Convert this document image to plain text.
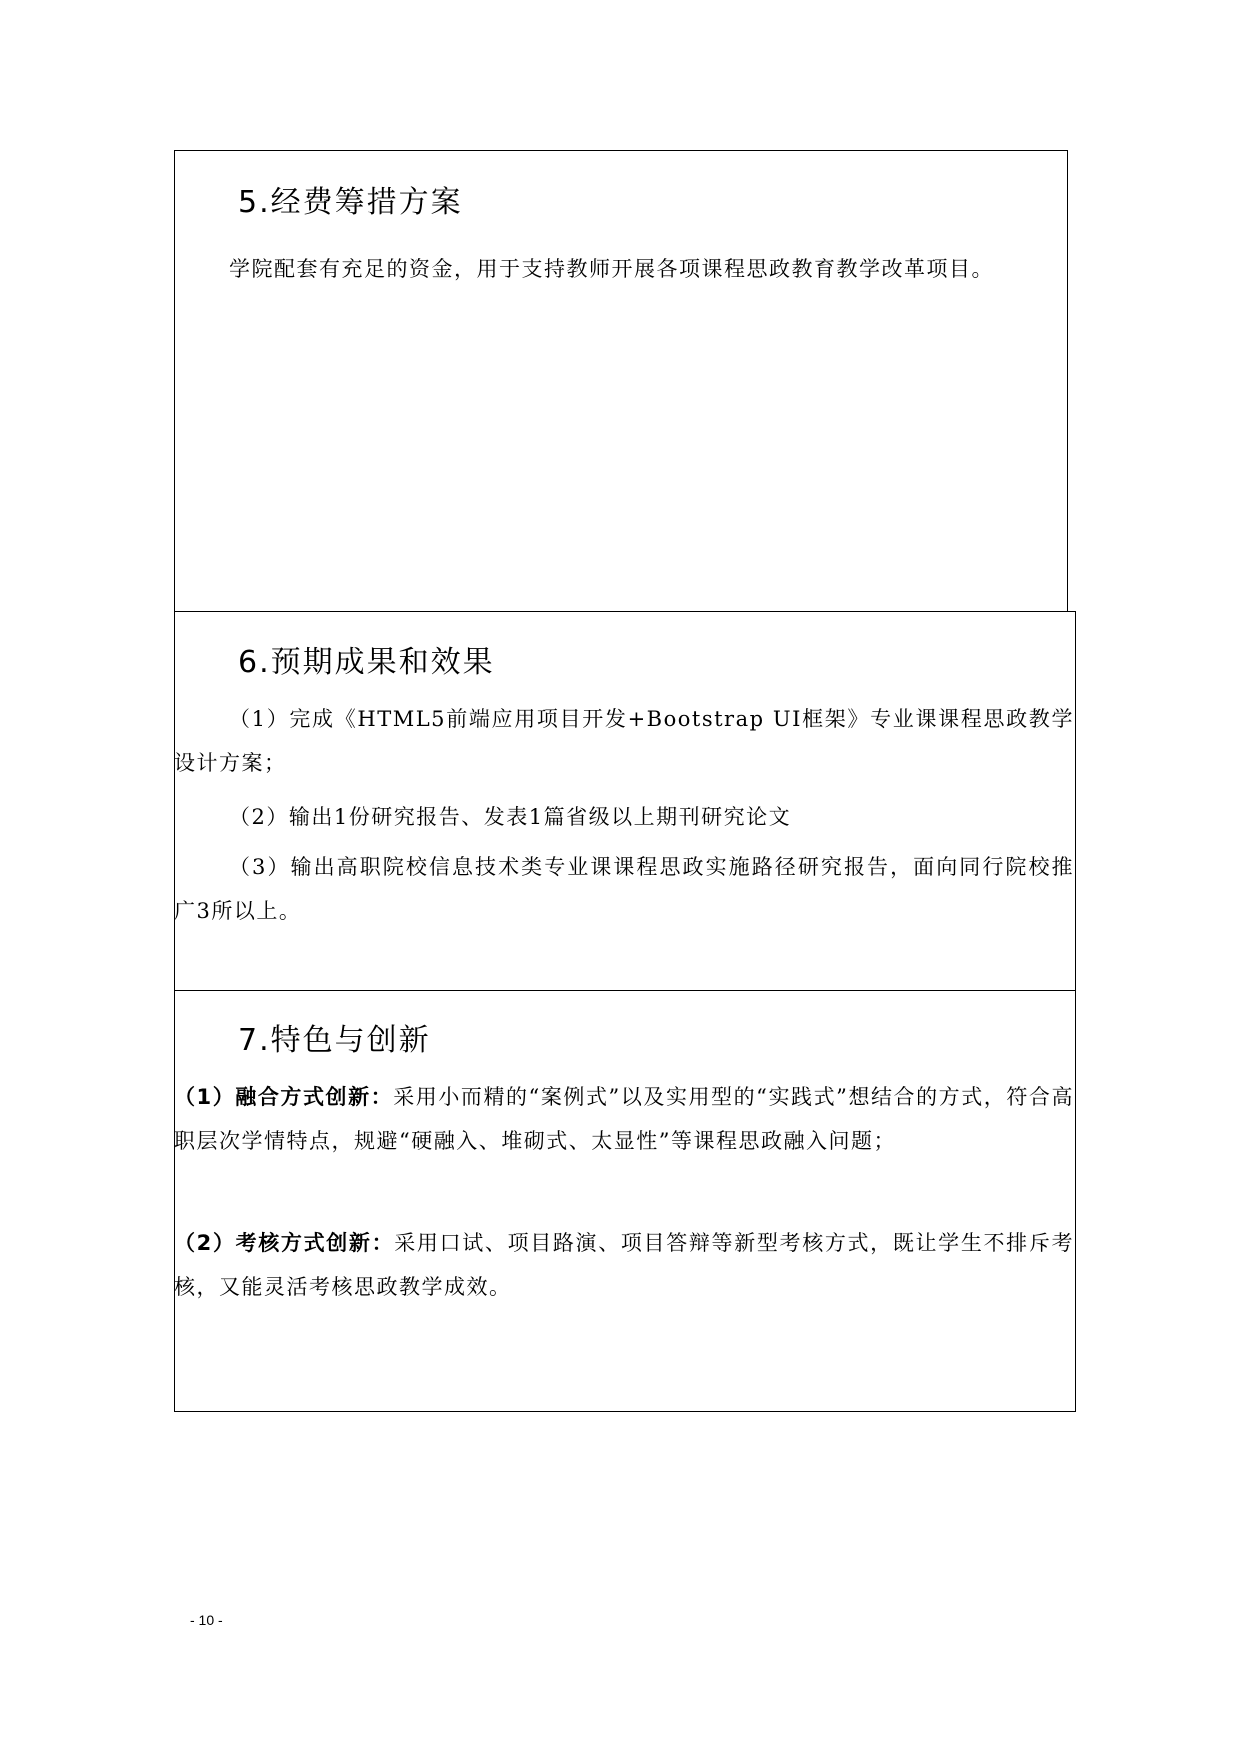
5.经费筹措方案
学院配套有充足的资金，用于支持教师开展各项课程思政教育教学改革项目。
6.预期成果和效果
（1）完成《HTML5前端应用项目开发+Bootstrap UI框架》专业课课程思政教学设计方案；
（2）输出1份研究报告、发表1篇省级以上期刊研究论文
（3）输出高职院校信息技术类专业课课程思政实施路径研究报告，面向同行院校推广3所以上。
7.特色与创新
（1）融合方式创新：采用小而精的“案例式”以及实用型的“实践式”想结合的方式，符合高职层次学情特点，规避“硬融入、堆砌式、太显性”等课程思政融入问题；
（2）考核方式创新：采用口试、项目路演、项目答辩等新型考核方式，既让学生不排斥考核，又能灵活考核思政教学成效。
- 10 -
